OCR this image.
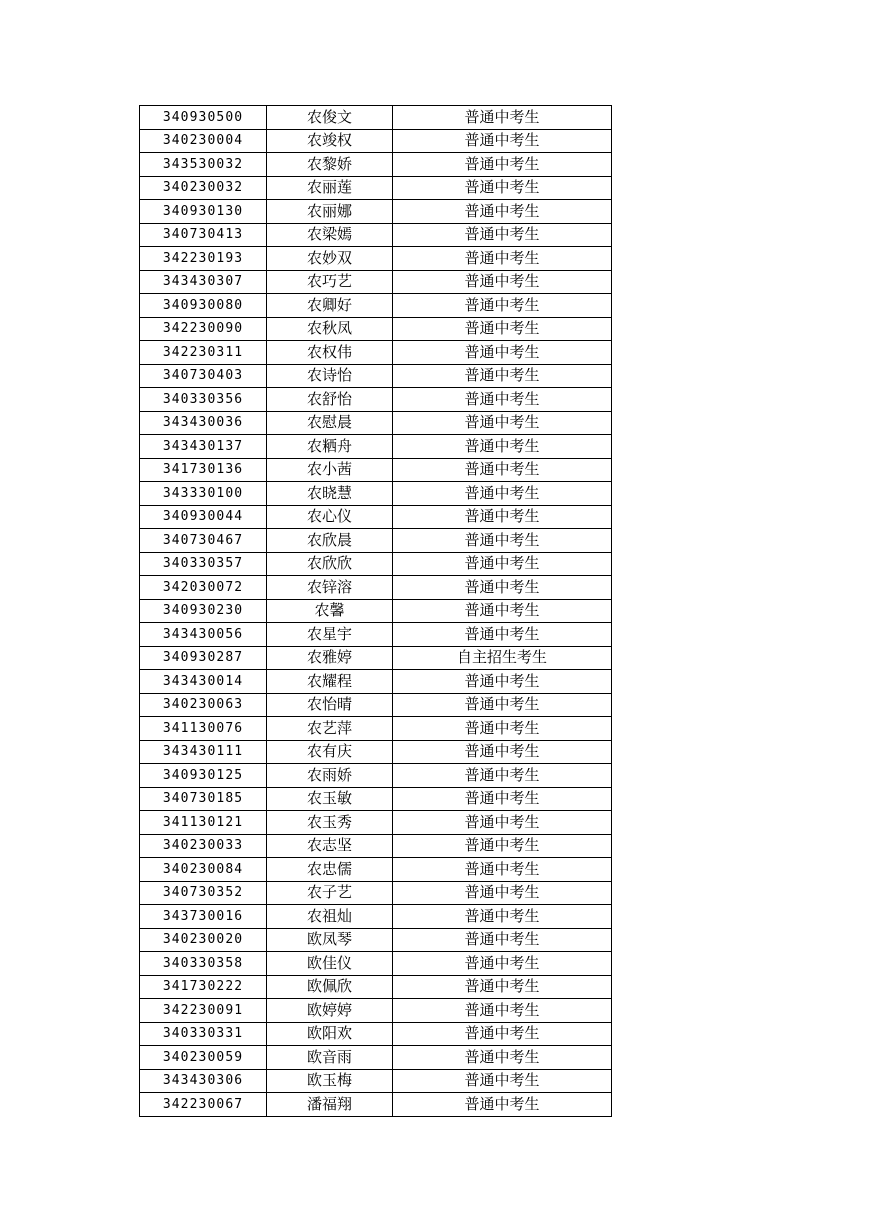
340930500	农俊文	普通中考生
340230004	农竣权	普通中考生
343530032	农黎娇	普通中考生
340230032	农丽莲	普通中考生
340930130	农丽娜	普通中考生
340730413	农梁嫣	普通中考生
342230193	农妙双	普通中考生
343430307	农巧艺	普通中考生
340930080	农卿好	普通中考生
342230090	农秋凤	普通中考生
342230311	农权伟	普通中考生
340730403	农诗怡	普通中考生
340330356	农舒怡	普通中考生
343430036	农慰晨	普通中考生
343430137	农粞舟	普通中考生
341730136	农小茜	普通中考生
343330100	农晓慧	普通中考生
340930044	农心仪	普通中考生
340730467	农欣晨	普通中考生
340330357	农欣欣	普通中考生
342030072	农锌溶	普通中考生
340930230	农馨	普通中考生
343430056	农星宇	普通中考生
340930287	农雅婷	自主招生考生
343430014	农耀程	普通中考生
340230063	农怡晴	普通中考生
341130076	农艺萍	普通中考生
343430111	农有庆	普通中考生
340930125	农雨娇	普通中考生
340730185	农玉敏	普通中考生
341130121	农玉秀	普通中考生
340230033	农志坚	普通中考生
340230084	农忠儒	普通中考生
340730352	农子艺	普通中考生
343730016	农祖灿	普通中考生
340230020	欧凤琴	普通中考生
340330358	欧佳仪	普通中考生
341730222	欧佩欣	普通中考生
342230091	欧婷婷	普通中考生
340330331	欧阳欢	普通中考生
340230059	欧音雨	普通中考生
343430306	欧玉梅	普通中考生
342230067	潘福翔	普通中考生
